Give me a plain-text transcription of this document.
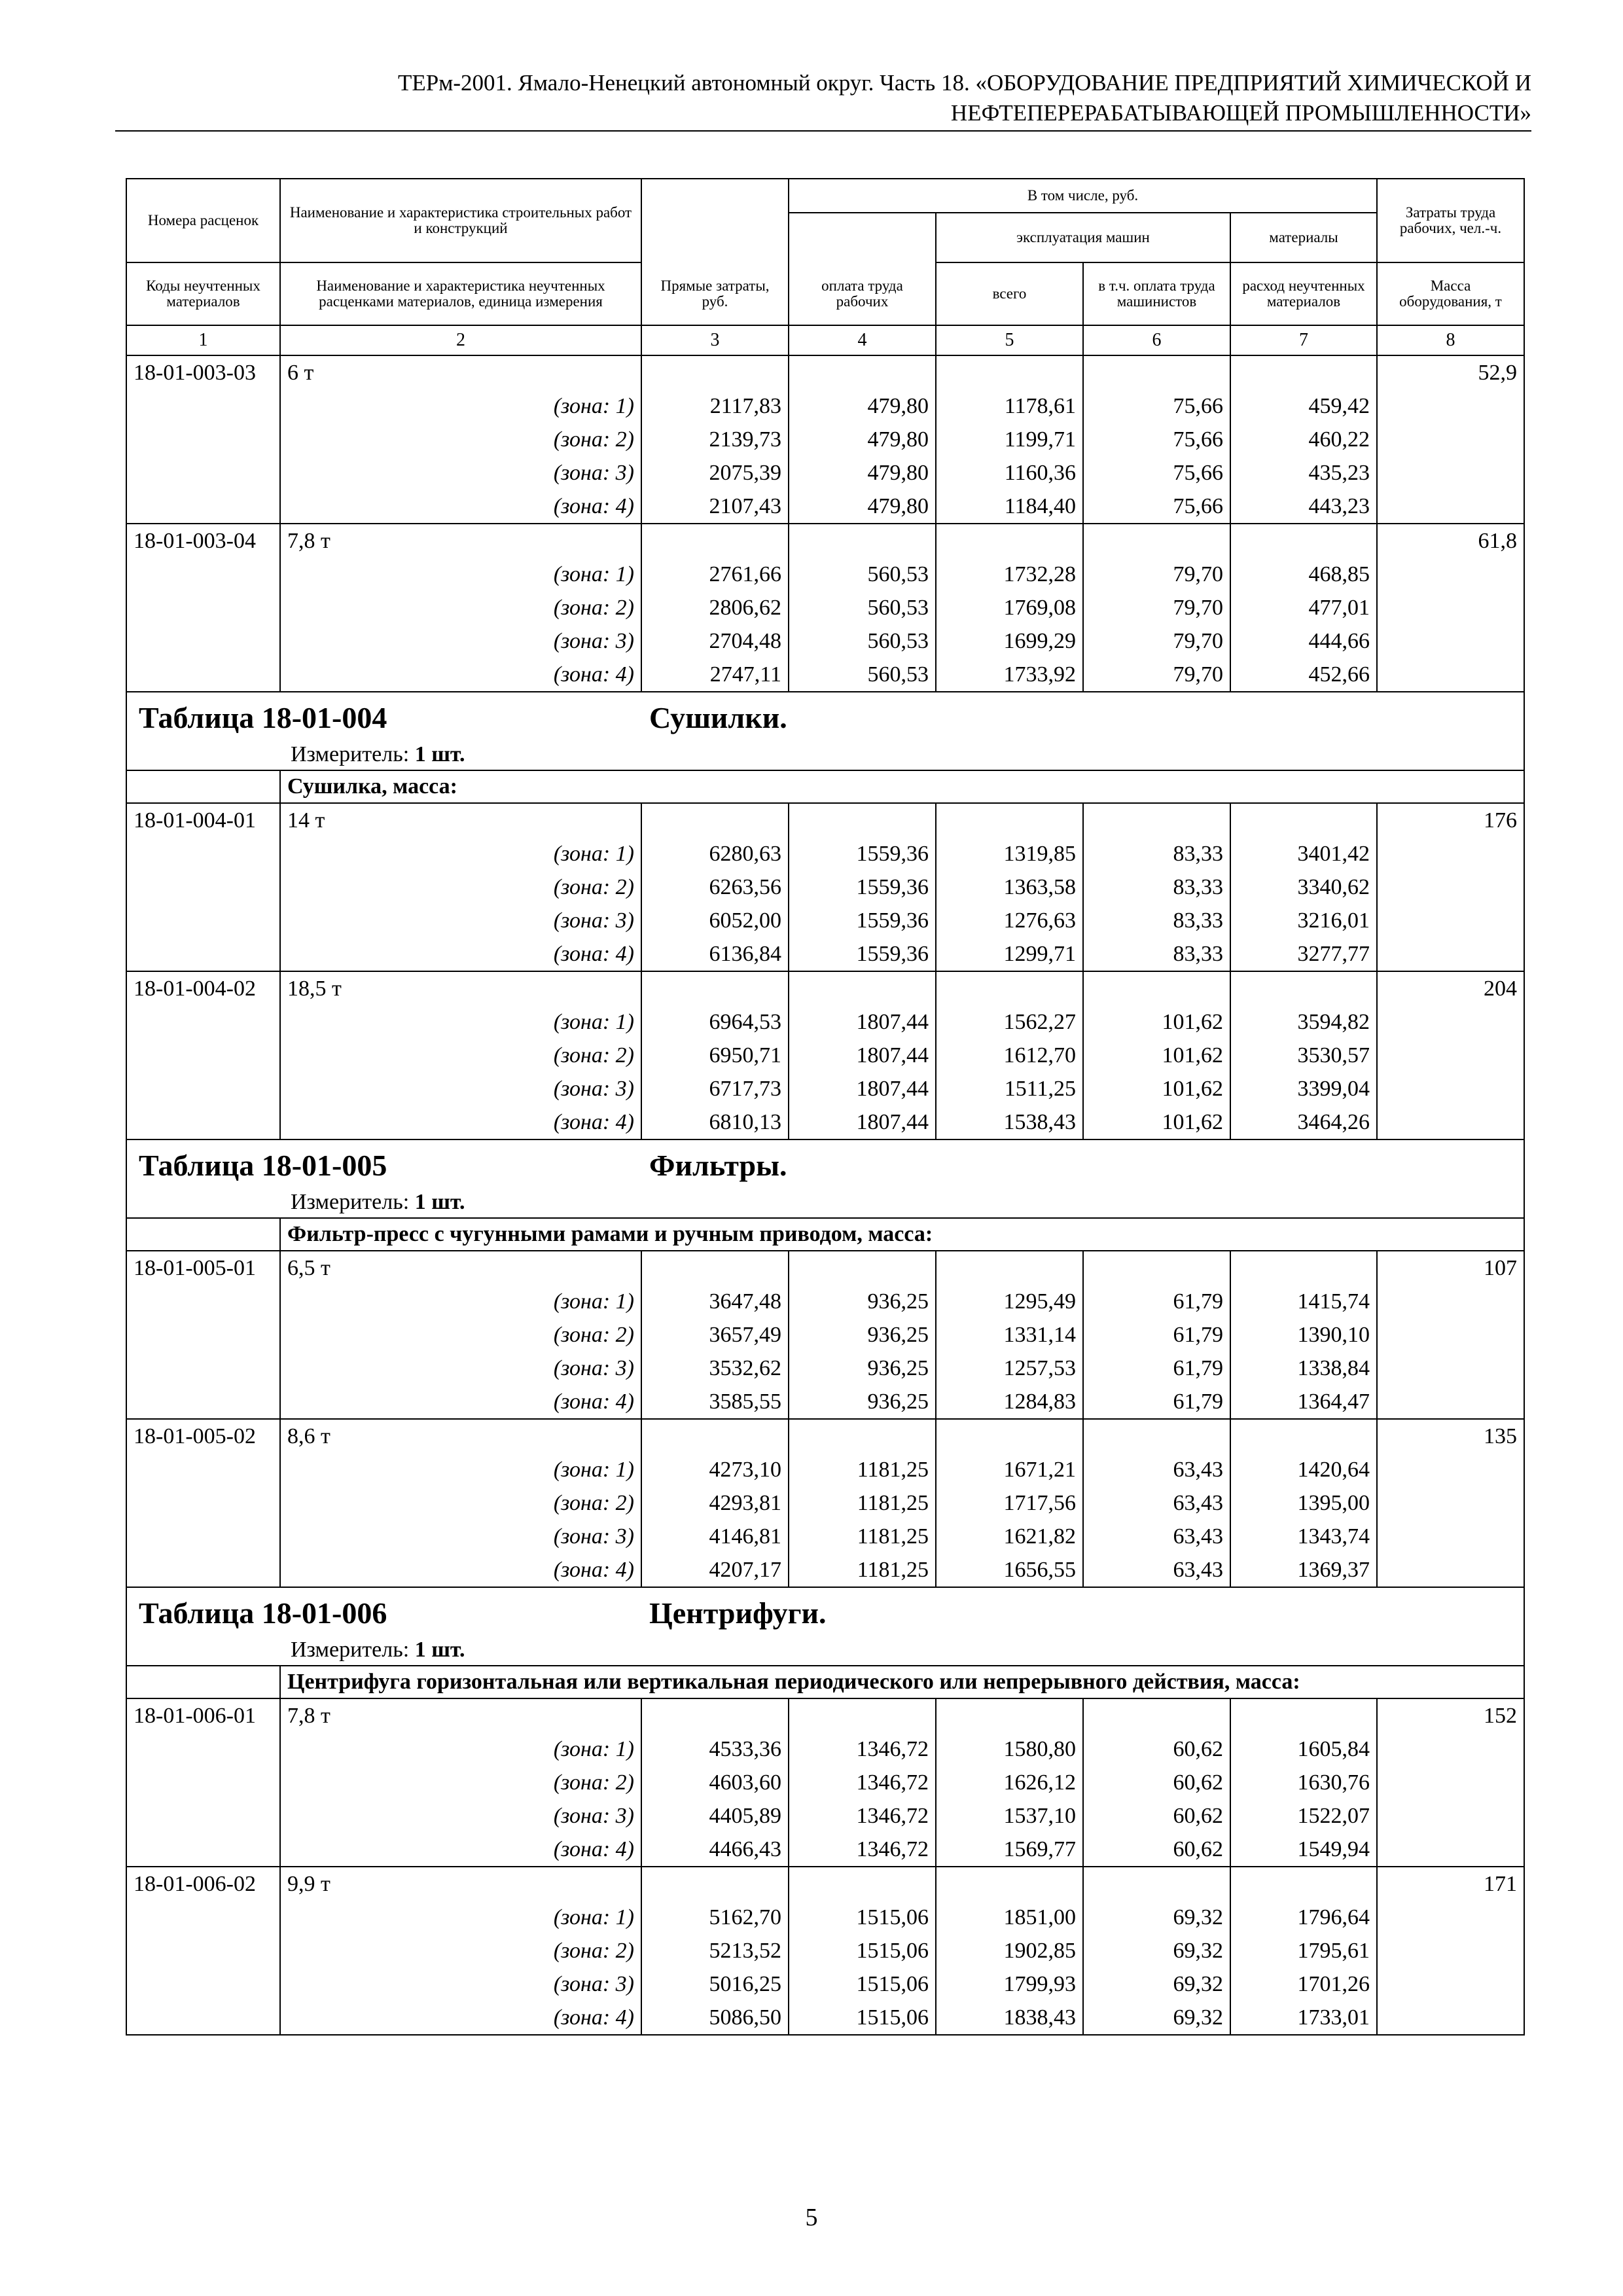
ТЕРм-2001. Ямало-Ненецкий автономный округ. Часть 18. «ОБОРУДОВАНИЕ ПРЕДПРИЯТИЙ ХИМИЧЕСКОЙ И
НЕФТЕПЕРЕРАБАТЫВАЮЩЕЙ ПРОМЫШЛЕННОСТИ»
Номера расценок	Наименование и характеристика строительных работ и конструкций		В том числе, руб.				Затраты труда рабочих, чел.-ч.
				эксплуатация машин		материалы	

Коды неучтенных материалов	Наименование и характеристика неучтенных расценками материалов, единица измерения	Прямые затраты, руб.	оплата труда рабочих	всего	в т.ч. оплата труда машинистов	расход неучтенных материалов	Масса оборудования, т
1	2	3	4	5	6	7	8
18-01-003-03	6 т						52,9
	(зона: 1)	2117,83	479,80	1178,61	75,66	459,42	
	(зона: 2)	2139,73	479,80	1199,71	75,66	460,22	
	(зона: 3)	2075,39	479,80	1160,36	75,66	435,23	
	(зона: 4)	2107,43	479,80	1184,40	75,66	443,23	
18-01-003-04	7,8 т						61,8
	(зона: 1)	2761,66	560,53	1732,28	79,70	468,85	
	(зона: 2)	2806,62	560,53	1769,08	79,70	477,01	
	(зона: 3)	2704,48	560,53	1699,29	79,70	444,66	
	(зона: 4)	2747,11	560,53	1733,92	79,70	452,66	

Таблица 18-01-004 Сушилки.
Измеритель: 1 шт.							

	Сушилка, масса:						
18-01-004-01	14 т						176
	(зона: 1)	6280,63	1559,36	1319,85	83,33	3401,42	
	(зона: 2)	6263,56	1559,36	1363,58	83,33	3340,62	
	(зона: 3)	6052,00	1559,36	1276,63	83,33	3216,01	
	(зона: 4)	6136,84	1559,36	1299,71	83,33	3277,77	
18-01-004-02	18,5 т						204
	(зона: 1)	6964,53	1807,44	1562,27	101,62	3594,82	
	(зона: 2)	6950,71	1807,44	1612,70	101,62	3530,57	
	(зона: 3)	6717,73	1807,44	1511,25	101,62	3399,04	
	(зона: 4)	6810,13	1807,44	1538,43	101,62	3464,26	

Таблица 18-01-005 Фильтры.
Измеритель: 1 шт.							

	Фильтр-пресс с чугунными рамами и ручным приводом, масса:						
18-01-005-01	6,5 т						107
	(зона: 1)	3647,48	936,25	1295,49	61,79	1415,74	
	(зона: 2)	3657,49	936,25	1331,14	61,79	1390,10	
	(зона: 3)	3532,62	936,25	1257,53	61,79	1338,84	
	(зона: 4)	3585,55	936,25	1284,83	61,79	1364,47	
18-01-005-02	8,6 т						135
	(зона: 1)	4273,10	1181,25	1671,21	63,43	1420,64	
	(зона: 2)	4293,81	1181,25	1717,56	63,43	1395,00	
	(зона: 3)	4146,81	1181,25	1621,82	63,43	1343,74	
	(зона: 4)	4207,17	1181,25	1656,55	63,43	1369,37	

Таблица 18-01-006 Центрифуги.
Измеритель: 1 шт.							

	Центрифуга горизонтальная или вертикальная периодического или непрерывного действия, масса:						
18-01-006-01	7,8 т						152
	(зона: 1)	4533,36	1346,72	1580,80	60,62	1605,84	
	(зона: 2)	4603,60	1346,72	1626,12	60,62	1630,76	
	(зона: 3)	4405,89	1346,72	1537,10	60,62	1522,07	
	(зона: 4)	4466,43	1346,72	1569,77	60,62	1549,94	
18-01-006-02	9,9 т						171
	(зона: 1)	5162,70	1515,06	1851,00	69,32	1796,64	
	(зона: 2)	5213,52	1515,06	1902,85	69,32	1795,61	
	(зона: 3)	5016,25	1515,06	1799,93	69,32	1701,26	
	(зона: 4)	5086,50	1515,06	1838,43	69,32	1733,01	
5
